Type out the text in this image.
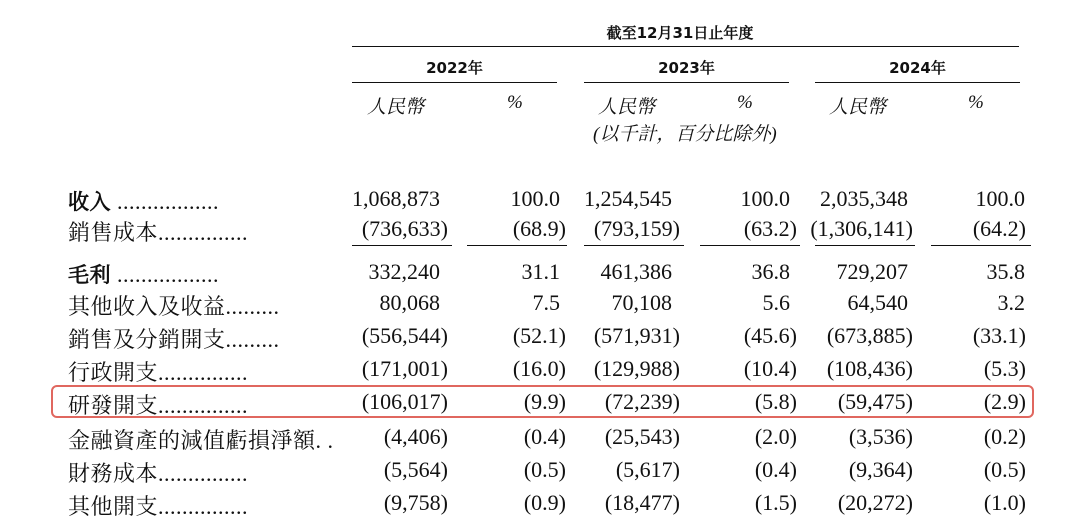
截至12月31日止年度
2022年	2023年	2024年
人民幣	%	人民幣	%	人民幣	%
(以千計，百分比除外)
收入 .................	1,068,873	100.0 1,254,545	100.0 2,035,348	100.0
銷售成本...............	(736,633)	(68.9) (793,159)	(63.2) (1,306,141)	(64.2)
毛利 .................	332,240	31.1 461,386	36.8 729,207	35.8
其他收入及收益.........	80,068	7.5 70,108	5.6	64,540	3.2
銷售及分銷開支.........	(556,544)	(52.1) (571,931)	(45.6) (673,885)	(33.1)
行政開支...............	(171,001)	(16.0) (129,988)	(10.4) (108,436)	(5.3)
研發開支...............	(106,017)	(9.9) (72,239)	(5.8) (59,475)	(2.9)
金融資產的減值虧損淨額. . (4,406)	(0.4) (25,543)	(2.0) (3,536)	(0.2)
財務成本...............	(5,564)	(0.5) (5,617)	(0.4) (9,364)	(0.5)
其他開支...............	(9,758)	(0.9) (18,477)	(1.5) (20,272)	(1.0)
